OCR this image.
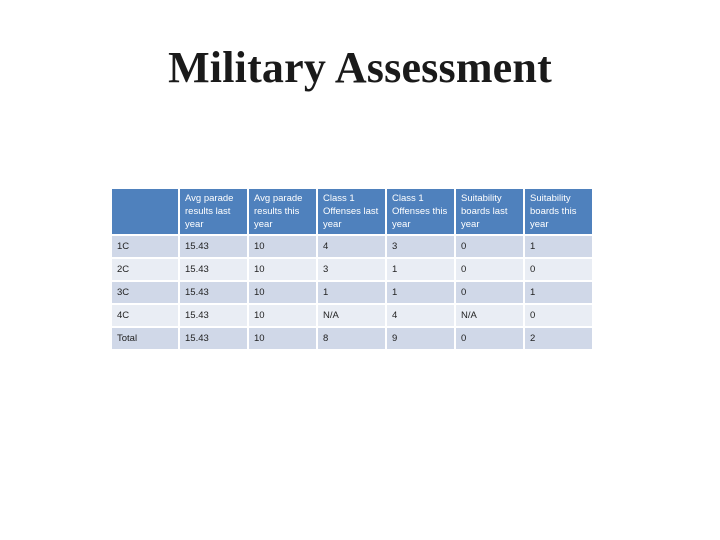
Military Assessment
	Avg parade results last year	Avg parade results this year	Class 1 Offenses last year	Class 1 Offenses this year	Suitability boards last year	Suitability boards this year
1C	15.43	10	4	3	0	1
2C	15.43	10	3	1	0	0
3C	15.43	10	1	1	0	1
4C	15.43	10	N/A	4	N/A	0
Total	15.43	10	8	9	0	2
